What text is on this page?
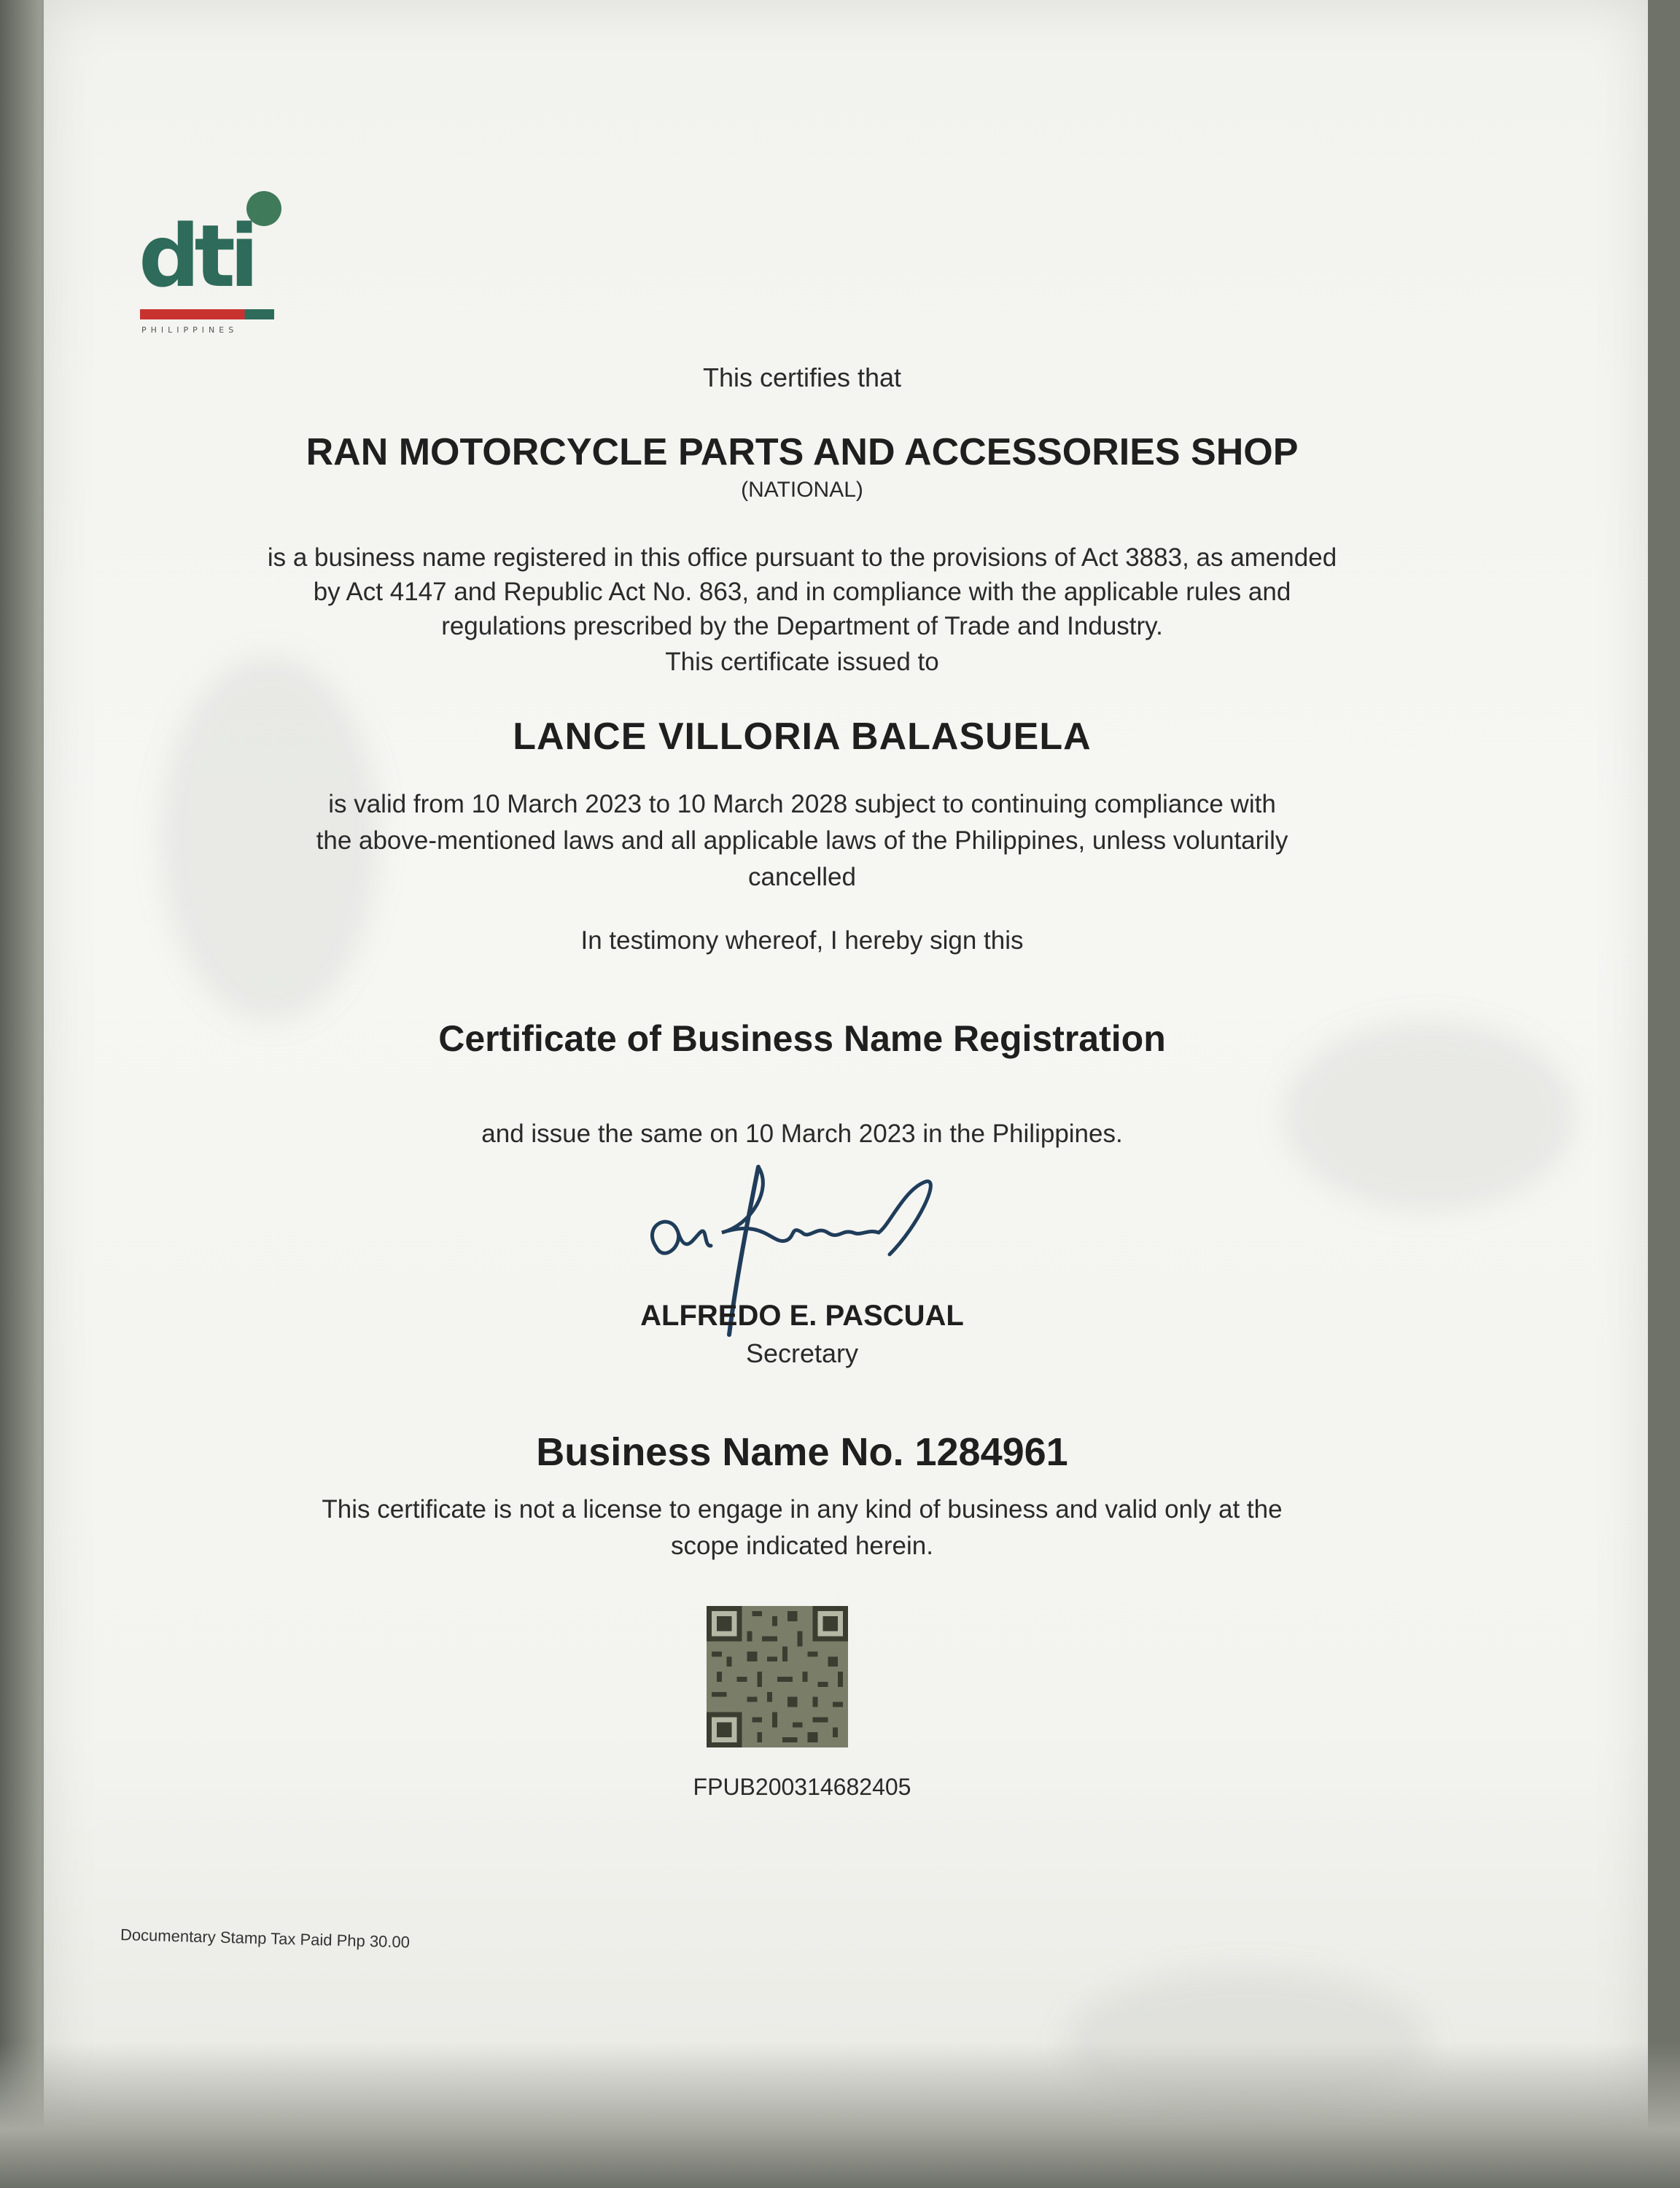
dti
PHILIPPINES
This certifies that
RAN MOTORCYCLE PARTS AND ACCESSORIES SHOP
(NATIONAL)
is a business name registered in this office pursuant to the provisions of Act 3883, as amended
by Act 4147 and Republic Act No. 863, and in compliance with the applicable rules and
regulations prescribed by the Department of Trade and Industry.
This certificate issued to
LANCE VILLORIA BALASUELA
is valid from 10 March 2023 to 10 March 2028 subject to continuing compliance with
the above-mentioned laws and all applicable laws of the Philippines, unless voluntarily
cancelled
In testimony whereof, I hereby sign this
Certificate of Business Name Registration
and issue the same on 10 March 2023 in the Philippines.
ALFREDO E. PASCUAL
Secretary
Business Name No. 1284961
This certificate is not a license to engage in any kind of business and valid only at the
scope indicated herein.
FPUB200314682405
Documentary Stamp Tax Paid Php 30.00
